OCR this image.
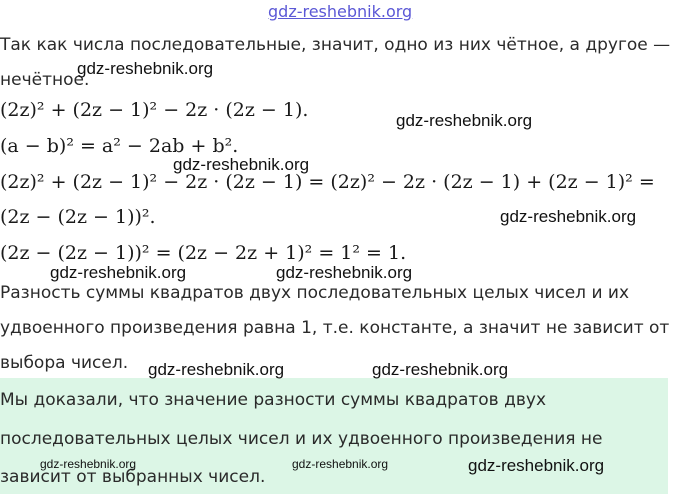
gdz-reshebnik.org
Так как числа последовательные, значит, одно из них чётное, а другое —
нечётное.
(2z)² + (2z − 1)² − 2z · (2z − 1).
(a − b)² = a² − 2ab + b².
(2z)² + (2z − 1)² − 2z · (2z − 1) = (2z)² − 2z · (2z − 1) + (2z − 1)² =
(2z − (2z − 1))².
(2z − (2z − 1))² = (2z − 2z + 1)² = 1² = 1.
Разность суммы квадратов двух последовательных целых чисел и их
удвоенного произведения равна 1, т.е. константе, а значит не зависит от
выбора чисел.
Мы доказали, что значение разности суммы квадратов двух
последовательных целых чисел и их удвоенного произведения не
зависит от выбранных чисел.
gdz-reshebnik.org
gdz-reshebnik.org
gdz-reshebnik.org
gdz-reshebnik.org
gdz-reshebnik.org	gdz-reshebnik.org
gdz-reshebnik.org	gdz-reshebnik.org
gdz-reshebnik.org	gdz-reshebnik.org	gdz-reshebnik.org
